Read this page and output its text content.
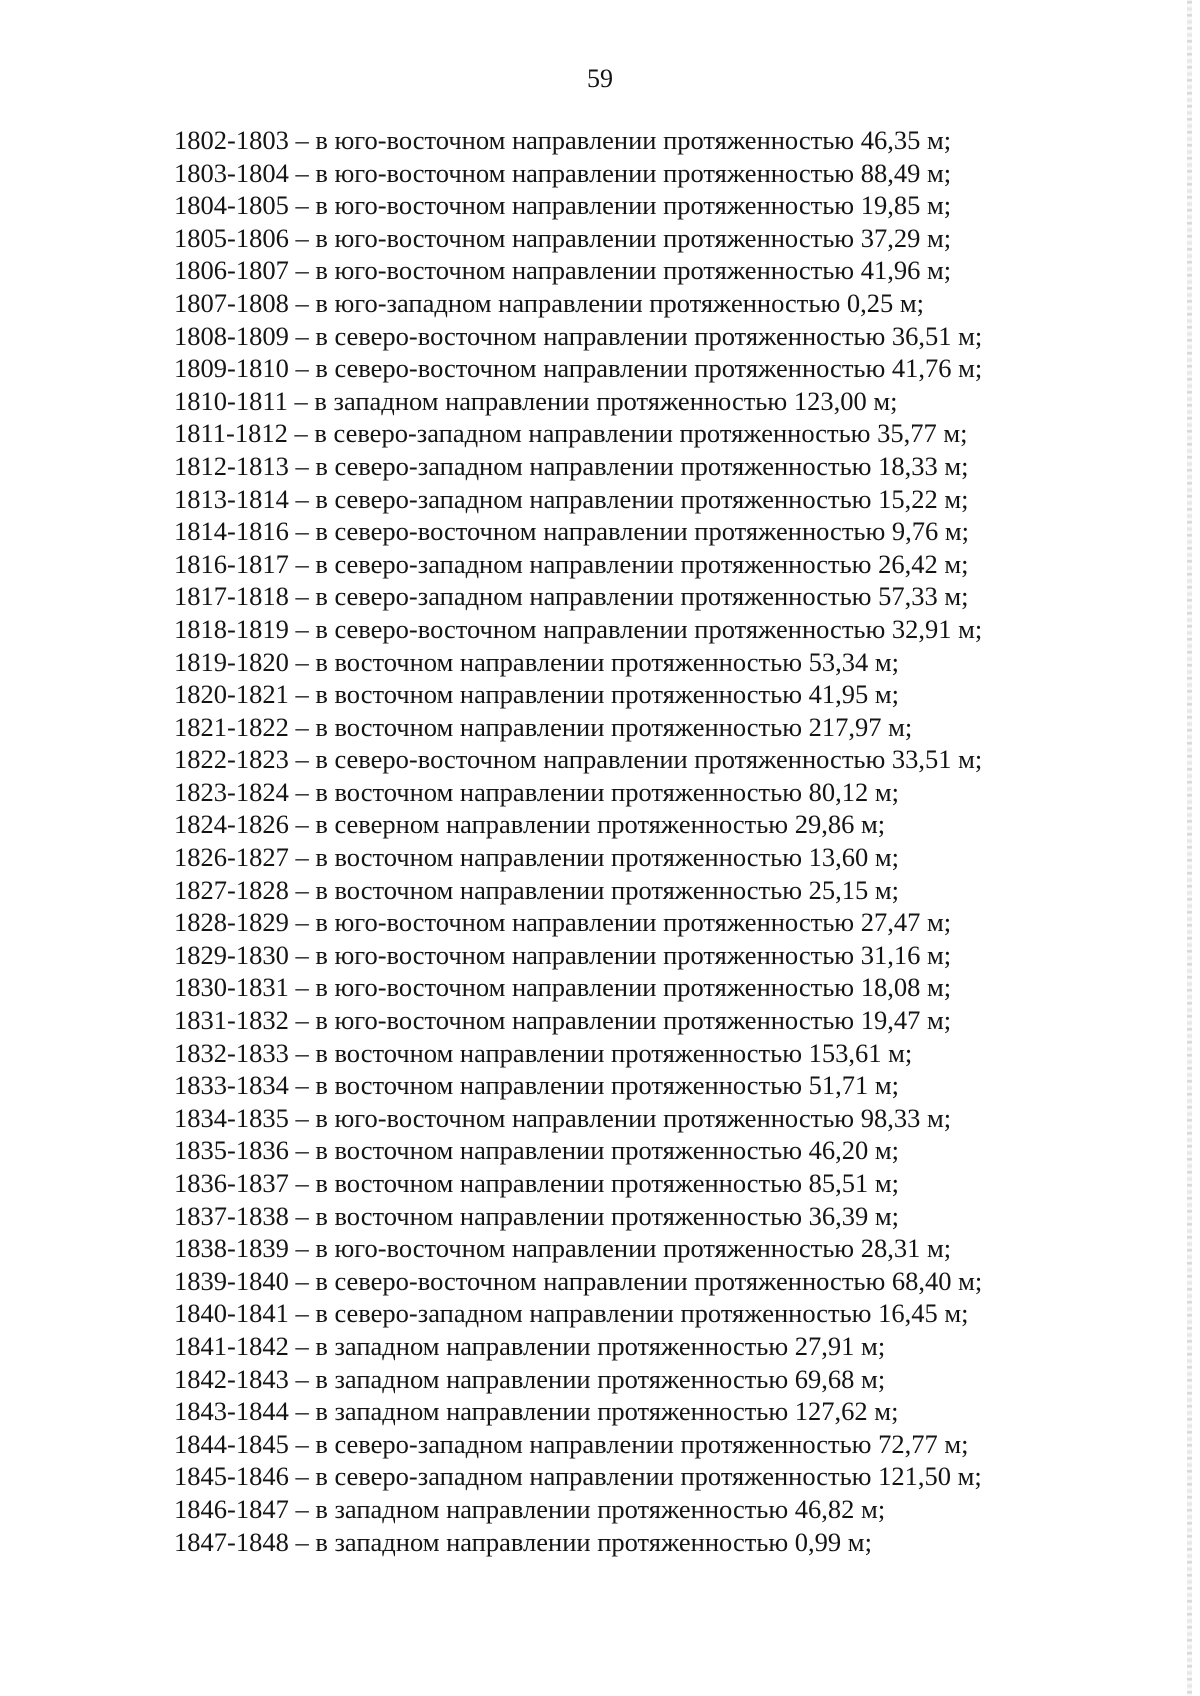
59
1802-1803 – в юго-восточном направлении протяженностью 46,35 м;
1803-1804 – в юго-восточном направлении протяженностью 88,49 м;
1804-1805 – в юго-восточном направлении протяженностью 19,85 м;
1805-1806 – в юго-восточном направлении протяженностью 37,29 м;
1806-1807 – в юго-восточном направлении протяженностью 41,96 м;
1807-1808 – в юго-западном направлении протяженностью 0,25 м;
1808-1809 – в северо-восточном направлении протяженностью 36,51 м;
1809-1810 – в северо-восточном направлении протяженностью 41,76 м;
1810-1811 – в западном направлении протяженностью 123,00 м;
1811-1812 – в северо-западном направлении протяженностью 35,77 м;
1812-1813 – в северо-западном направлении протяженностью 18,33 м;
1813-1814 – в северо-западном направлении протяженностью 15,22 м;
1814-1816 – в северо-восточном направлении протяженностью 9,76 м;
1816-1817 – в северо-западном направлении протяженностью 26,42 м;
1817-1818 – в северо-западном направлении протяженностью 57,33 м;
1818-1819 – в северо-восточном направлении протяженностью 32,91 м;
1819-1820 – в восточном направлении протяженностью 53,34 м;
1820-1821 – в восточном направлении протяженностью 41,95 м;
1821-1822 – в восточном направлении протяженностью 217,97 м;
1822-1823 – в северо-восточном направлении протяженностью 33,51 м;
1823-1824 – в восточном направлении протяженностью 80,12 м;
1824-1826 – в северном направлении протяженностью 29,86 м;
1826-1827 – в восточном направлении протяженностью 13,60 м;
1827-1828 – в восточном направлении протяженностью 25,15 м;
1828-1829 – в юго-восточном направлении протяженностью 27,47 м;
1829-1830 – в юго-восточном направлении протяженностью 31,16 м;
1830-1831 – в юго-восточном направлении протяженностью 18,08 м;
1831-1832 – в юго-восточном направлении протяженностью 19,47 м;
1832-1833 – в восточном направлении протяженностью 153,61 м;
1833-1834 – в восточном направлении протяженностью 51,71 м;
1834-1835 – в юго-восточном направлении протяженностью 98,33 м;
1835-1836 – в восточном направлении протяженностью 46,20 м;
1836-1837 – в восточном направлении протяженностью 85,51 м;
1837-1838 – в восточном направлении протяженностью 36,39 м;
1838-1839 – в юго-восточном направлении протяженностью 28,31 м;
1839-1840 – в северо-восточном направлении протяженностью 68,40 м;
1840-1841 – в северо-западном направлении протяженностью 16,45 м;
1841-1842 – в западном направлении протяженностью 27,91 м;
1842-1843 – в западном направлении протяженностью 69,68 м;
1843-1844 – в западном направлении протяженностью 127,62 м;
1844-1845 – в северо-западном направлении протяженностью 72,77 м;
1845-1846 – в северо-западном направлении протяженностью 121,50 м;
1846-1847 – в западном направлении протяженностью 46,82 м;
1847-1848 – в западном направлении протяженностью 0,99 м;
